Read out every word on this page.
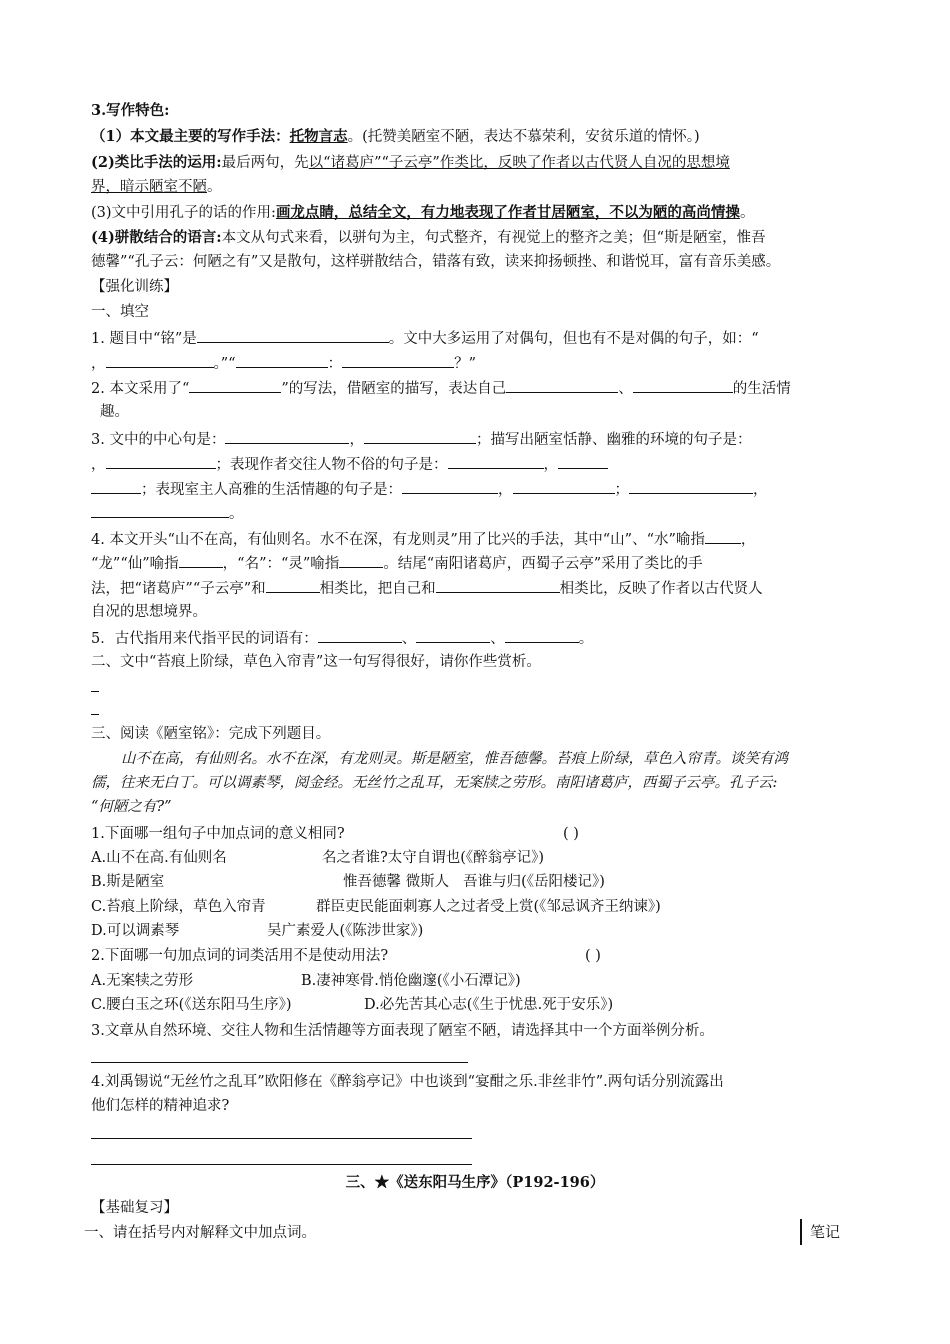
3.写作特色:
（1）本文最主要的写作手法：托物言志。(托赞美陋室不陋，表达不慕荣利，安贫乐道的情怀。)
(2)类比手法的运用:最后两句，先以“诸葛庐”“子云亭”作类比，反映了作者以古代贤人自况的思想境
界，暗示陋室不陋。
(3)文中引用孔子的话的作用:画龙点睛，总结全文，有力地表现了作者甘居陋室，不以为陋的高尚情操。
(4)骈散结合的语言:本文从句式来看，以骈句为主，句式整齐，有视觉上的整齐之美；但“斯是陋室，惟吾
德馨”“孔子云：何陋之有”又是散句，这样骈散结合，错落有致，读来抑扬顿挫、和谐悦耳，富有音乐美感。
【强化训练】
一、填空
1. 题目中“铭”是	。文中大多运用了对偶句，但也有不是对偶的句子，如：“
，	。”“	：	？”
2. 本文采用了“	”的写法，借陋室的描写，表达自己	、	的生活情
趣。
3. 文中的中心句是：	，	；描写出陋室恬静、幽雅的环境的句子是：
，	；表现作者交往人物不俗的句子是：	，
；表现室主人高雅的生活情趣的句子是：	，	；	，
。
4. 本文开头“山不在高，有仙则名。水不在深，有龙则灵”用了比兴的手法，其中“山”、“水”喻指 ，
“龙”“仙”喻指	，“名”：“灵”喻指	。结尾“南阳诸葛庐，西蜀子云亭”采用了类比的手
法，把“诸葛庐”“子云亭”和	相类比，把自己和	相类比，反映了作者以古代贤人
自况的思想境界。
5．古代指用来代指平民的词语有：	、	、	。
二、文中“苔痕上阶绿，草色入帘青”这一句写得很好，请你作些赏析。
三、阅读《陋室铭》：完成下列题目。
山不在高，有仙则名。水不在深，有龙则灵。斯是陋室，惟吾德馨。苔痕上阶绿，草色入帘青。谈笑有鸿
儒，往来无白丁。可以调素琴，阅金经。无丝竹之乱耳，无案牍之劳形。南阳诸葛庐，西蜀子云亭。孔子云:
“何陋之有?”
1.下面哪一组句子中加点词的意义相同?	( )
A.山不在高.有仙则名	名之者谁?太守自谓也(《醉翁亭记》)
B.斯是陋室	惟吾德馨 微斯人 吾谁与归(《岳阳楼记》)
C.苔痕上阶绿，草色入帘青	群臣吏民能面刺寡人之过者受上赏(《邹忌讽齐王纳谏》)
D.可以调素琴	吴广素爱人(《陈涉世家》)
2.下面哪一句加点词的词类活用不是使动用法?	( )
A.无案犊之劳形	B.凄神寒骨.悄伧幽邃(《小石潭记》)
C.腰白玉之环(《送东阳马生序》)	D.必先苦其心志(《生于忧患.死于安乐》)
3.文章从自然环境、交往人物和生活情趣等方面表现了陋室不陋，请选择其中一个方面举例分析。
4.刘禹锡说“无丝竹之乱耳”欧阳修在《醉翁亭记》中也谈到“宴酣之乐.非丝非竹”.两句话分别流露出
他们怎样的精神追求?
三、★《送东阳马生序》（P192-196）
【基础复习】
一、请在括号内对解释文中加点词。	笔记
